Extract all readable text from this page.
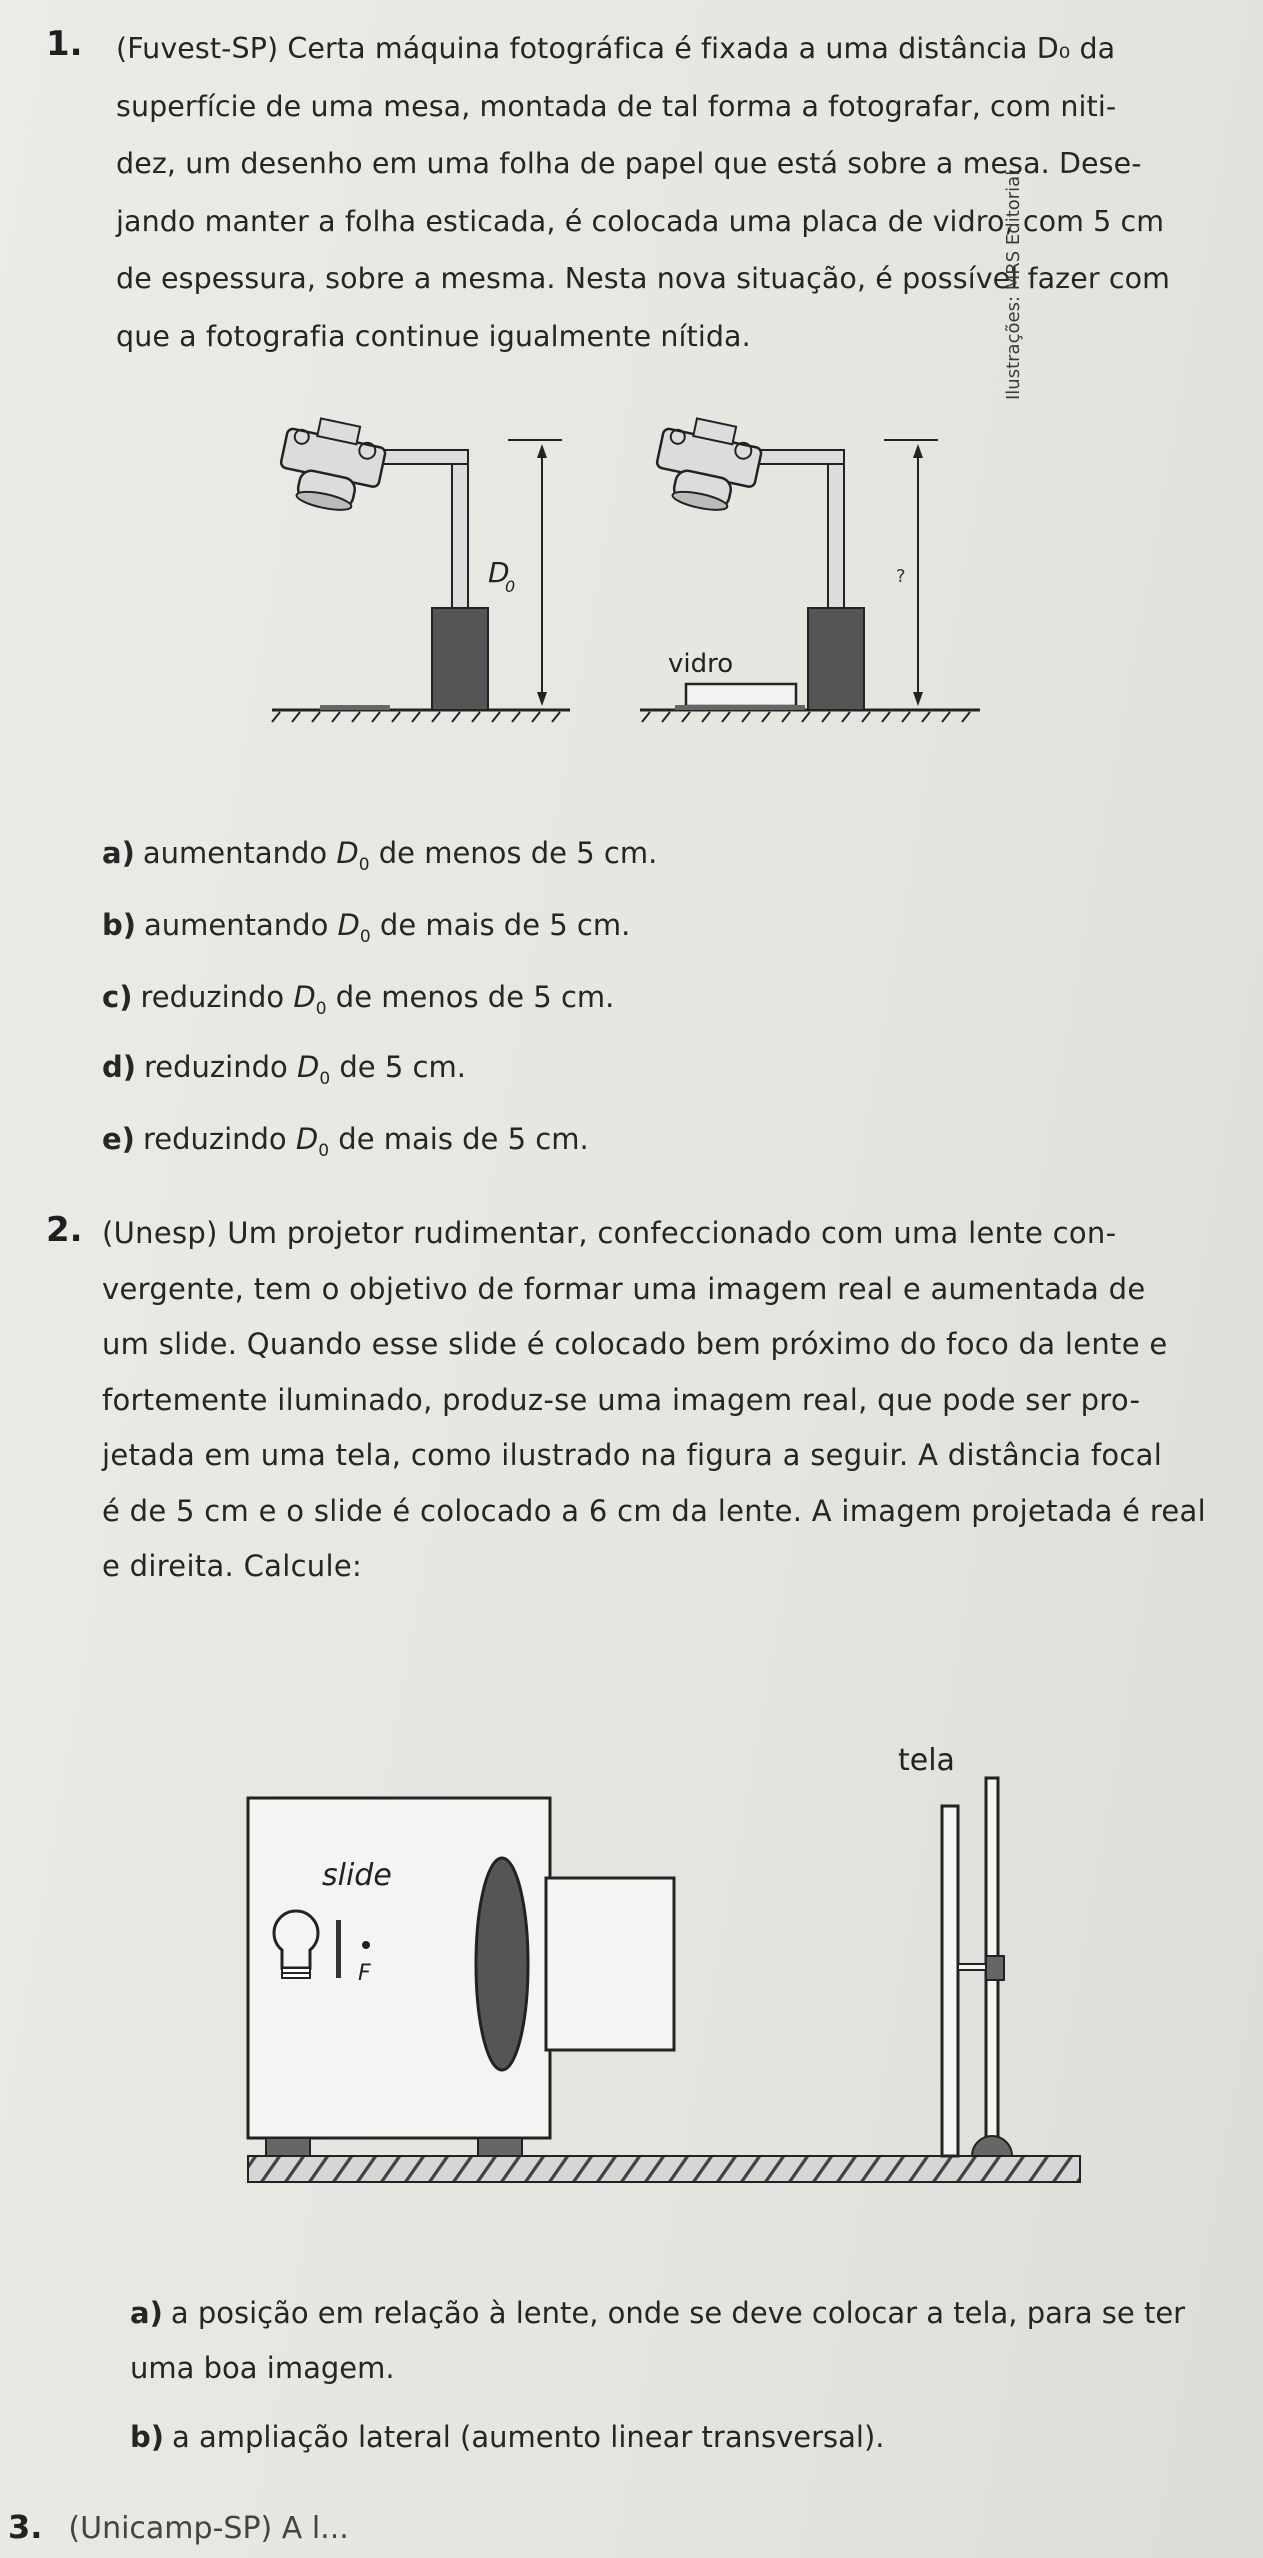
1. (Fuvest-SP) Certa máquina fotográfica é fixada a uma distância D₀ da
superfície de uma mesa, montada de tal forma a fotografar, com niti-
dez, um desenho em uma folha de papel que está sobre a mesa. Dese-
jando manter a folha esticada, é colocada uma placa de vidro, com 5 cm
de espessura, sobre a mesma. Nesta nova situação, é possível fazer com
que a fotografia continue igualmente nítida.
D
0	?
vidro
Ilustrações: MRS Editorial
a) aumentando $D_0$ de menos de 5 cm.
b) aumentando $D_0$ de mais de 5 cm.
c) reduzindo $D_0$ de menos de 5 cm.
d) reduzindo $D_0$ de 5 cm.
e) reduzindo $D_0$ de mais de 5 cm.
2. (Unesp) Um projetor rudimentar, confeccionado com uma lente con-
vergente, tem o objetivo de formar uma imagem real e aumentada de
um slide. Quando esse slide é colocado bem próximo do foco da lente e
fortemente iluminado, produz-se uma imagem real, que pode ser pro-
jetada em uma tela, como ilustrado na figura a seguir. A distância focal
é de 5 cm e o slide é colocado a 6 cm da lente. A imagem projetada é real
e direita. Calcule:
tela
slide
F
a) a posição em relação à lente, onde se deve colocar a tela, para se ter
uma boa imagem.
b) a ampliação lateral (aumento linear transversal).
3. (Unicamp-SP) A l...
